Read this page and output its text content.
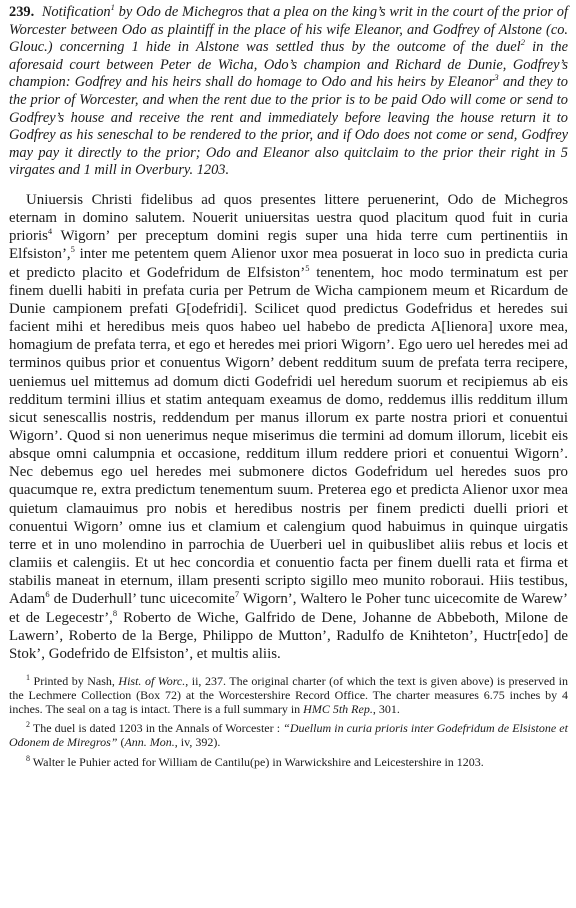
239. Notification$^1$ by Odo de Michegros that a plea on the king’s writ in the court of the prior of Worcester between Odo as plaintiff in the place of his wife Eleanor, and Godfrey of Alstone (co. Glouc.) concerning 1 hide in Alstone was settled thus by the outcome of the duel$^2$ in the aforesaid court between Peter de Wicha, Odo’s champion and Richard de Dunie, Godfrey’s champion: Godfrey and his heirs shall do homage to Odo and his heirs by Eleanor$^3$ and they to the prior of Worcester, and when the rent due to the prior is to be paid Odo will come or send to Godfrey’s house and receive the rent and immediately before leaving the house return it to Godfrey as his seneschal to be rendered to the prior, and if Odo does not come or send, Godfrey may pay it directly to the prior; Odo and Eleanor also quitclaim to the prior their right in 5 virgates and 1 mill in Overbury. 1203.

Uniuersis Christi fidelibus ad quos presentes littere peruenerint, Odo de Michegros eternam in domino salutem. Nouerit uniuersitas uestra quod placitum quod fuit in curia prioris$^4$ Wigorn’ per preceptum domini regis super una hida terre cum pertinentiis in Elfsiston’,$^5$ inter me petentem quem Alienor uxor mea posuerat in loco suo in predicta curia et predicto placito et Godefridum de Elfsiston’$^5$ tenentem, hoc modo terminatum est per finem duelli habiti in prefata curia per Petrum de Wicha campionem meum et Ricardum de Dunie campionem prefati G[odefridi]. Scilicet quod predictus Godefridus et heredes sui facient mihi et heredibus meis quos habeo uel habebo de predicta A[lienora] uxore mea, homagium de prefata terra, et ego et heredes mei priori Wigorn’. Ego uero uel heredes mei ad terminos quibus prior et conuentus Wigorn’ debent redditum suum de prefata terra recipere, ueniemus uel mittemus ad domum dicti Godefridi uel heredum suorum et recipiemus ab eis redditum termini illius et statim antequam exeamus de domo, reddemus illis redditum illum sicut senescallis nostris, reddendum per manus illorum ex parte nostra priori et conuentui Wigorn’. Quod si non uenerimus neque miserimus die termini ad domum illorum, licebit eis absque omni calumpnia et occasione, redditum illum reddere priori et conuentui Wigorn’. Nec debemus ego uel heredes mei submonere dictos Godefridum uel heredes suos pro quacumque re, extra predictum tenementum suum. Preterea ego et predicta Alienor uxor mea quietum clamauimus pro nobis et heredibus nostris per finem predicti duelli priori et conuentui Wigorn’ omne ius et clamium et calengium quod habuimus in quinque uirgatis terre et in uno molendino in parrochia de Uuerberi uel in quibuslibet aliis rebus et locis et clamiis et calengiis. Et ut hec concordia et conuentio facta per finem duelli rata et firma et stabilis maneat in eternum, illam presenti scripto sigillo meo munito roboraui. Hiis testibus, Adam$^6$ de Duderhull’ tunc uicecomite$^7$ Wigorn’, Waltero le Poher tunc uicecomite de Warew’ et de Legecestr’,$^8$ Roberto de Wiche, Galfrido de Dene, Johanne de Abbeboth, Milone de Lawern’, Roberto de la Berge, Philippo de Mutton’, Radulfo de Knihteton’, Huctr[edo] de Stok’, Godefrido de Elfsiston’, et multis aliis.

$^1$ Printed by Nash, Hist. of Worc., ii, 237. The original charter (of which the text is given above) is preserved in the Lechmere Collection (Box 72) at the Worcestershire Record Office. The charter measures 6.75 inches by 4 inches. The seal on a tag is intact. There is a full summary in HMC 5th Rep., 301.

$^2$ The duel is dated 1203 in the Annals of Worcester : “Duellum in curia prioris inter Godefridum de Elsistone et Odonem de Miregros” (Ann. Mon., iv, 392).

$^8$ Walter le Puhier acted for William de Cantilu(pe) in Warwickshire and Leicestershire in 1203.
